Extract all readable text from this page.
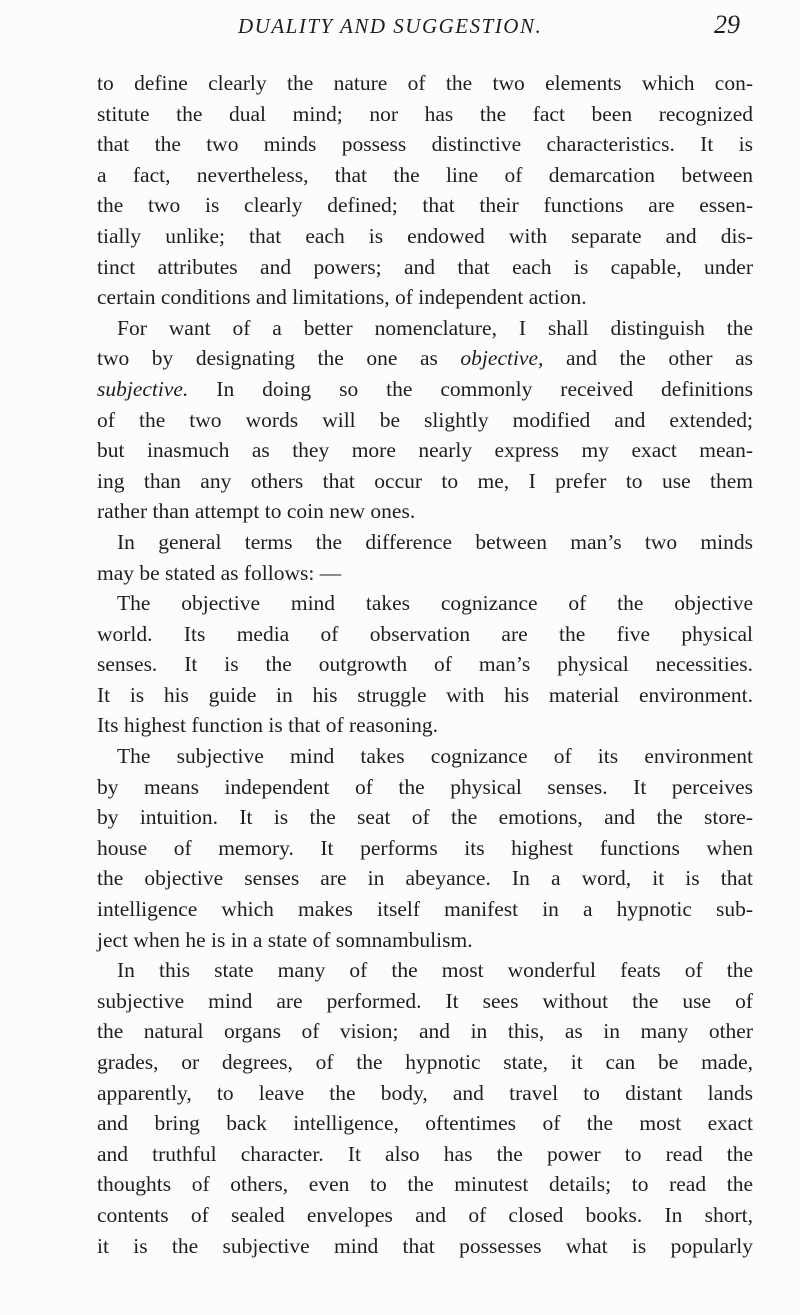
DUALITY AND SUGGESTION.	29
to define clearly the nature of the two elements which con-
stitute the dual mind; nor has the fact been recognized
that the two minds possess distinctive characteristics. It is
a fact, nevertheless, that the line of demarcation between
the two is clearly defined; that their functions are essen-
tially unlike; that each is endowed with separate and dis-
tinct attributes and powers; and that each is capable, under
certain conditions and limitations, of independent action.
For want of a better nomenclature, I shall distinguish the
two by designating the one as objective, and the other as
subjective. In doing so the commonly received definitions
of the two words will be slightly modified and extended;
but inasmuch as they more nearly express my exact mean-
ing than any others that occur to me, I prefer to use them
rather than attempt to coin new ones.
In general terms the difference between man’s two minds
may be stated as follows: —
The objective mind takes cognizance of the objective
world. Its media of observation are the five physical
senses. It is the outgrowth of man’s physical necessities.
It is his guide in his struggle with his material environment.
Its highest function is that of reasoning.
The subjective mind takes cognizance of its environment
by means independent of the physical senses. It perceives
by intuition. It is the seat of the emotions, and the store-
house of memory. It performs its highest functions when
the objective senses are in abeyance. In a word, it is that
intelligence which makes itself manifest in a hypnotic sub-
ject when he is in a state of somnambulism.
In this state many of the most wonderful feats of the
subjective mind are performed. It sees without the use of
the natural organs of vision; and in this, as in many other
grades, or degrees, of the hypnotic state, it can be made,
apparently, to leave the body, and travel to distant lands
and bring back intelligence, oftentimes of the most exact
and truthful character. It also has the power to read the
thoughts of others, even to the minutest details; to read the
contents of sealed envelopes and of closed books. In short,
it is the subjective mind that possesses what is popularly
